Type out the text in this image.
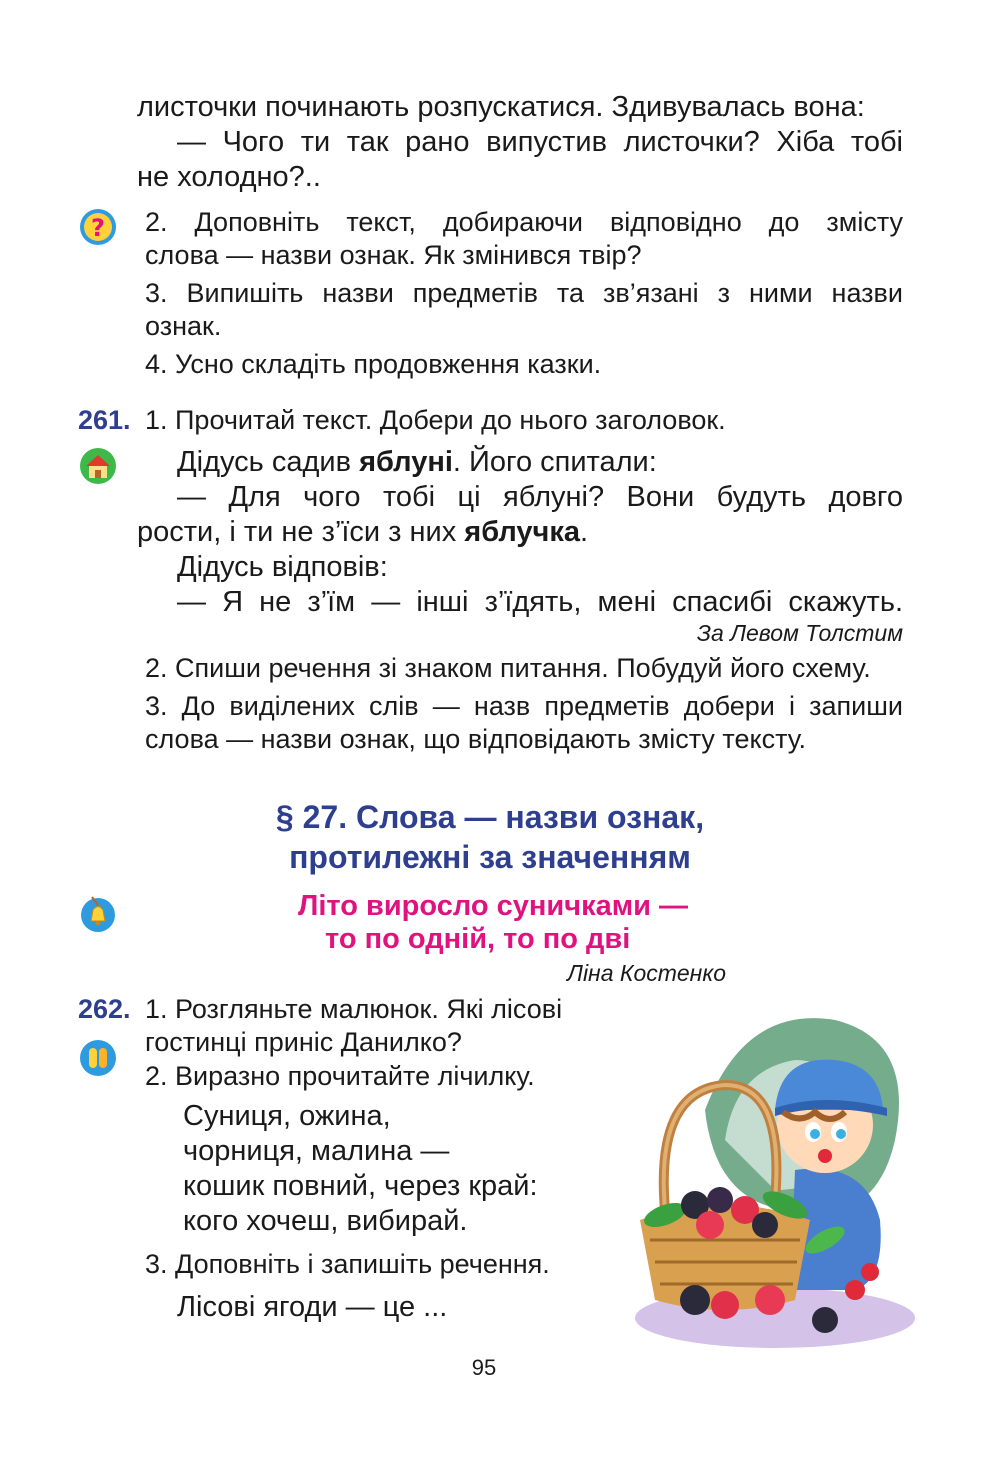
листочки починають розпускатися. Здивувалась вона:
— Чого ти так рано випустив листочки? Хіба тобі
не холодно?..
? 2. Доповніть текст, добираючи відповідно до змісту
слова — назви ознак. Як змінився твір?
3. Випишіть назви предметів та зв’язані з ними назви
ознак.
4. Усно складіть продовження казки.
261. 1. Прочитай текст. Добери до нього заголовок.
Дідусь садив яблуні. Його спитали:
— Для чого тобі ці яблуні? Вони будуть довго
рости, і ти не з’їси з них яблучка.
Дідусь відповів:
— Я не з’їм — інші з’їдять, мені спасибі скажуть.
За Левом Толстим
2. Спиши речення зі знаком питання. Побудуй його схему.
3. До виділених слів — назв предметів добери і запиши
слова — назви ознак, що відповідають змісту тексту.
§ 27. Слова — назви ознак,
протилежні за значенням
Літо виросло суничками —
то по одній, то по дві
Ліна Костенко
262. 1. Розгляньте малюнок. Які лісові
гостинці приніс Данилко?
2. Виразно прочитайте лічилку.
Суниця, ожина,
чорниця, малина —
кошик повний, через край:
кого хочеш, вибирай.
3. Доповніть і запишіть речення.
Лісові ягоди — це ...
95
